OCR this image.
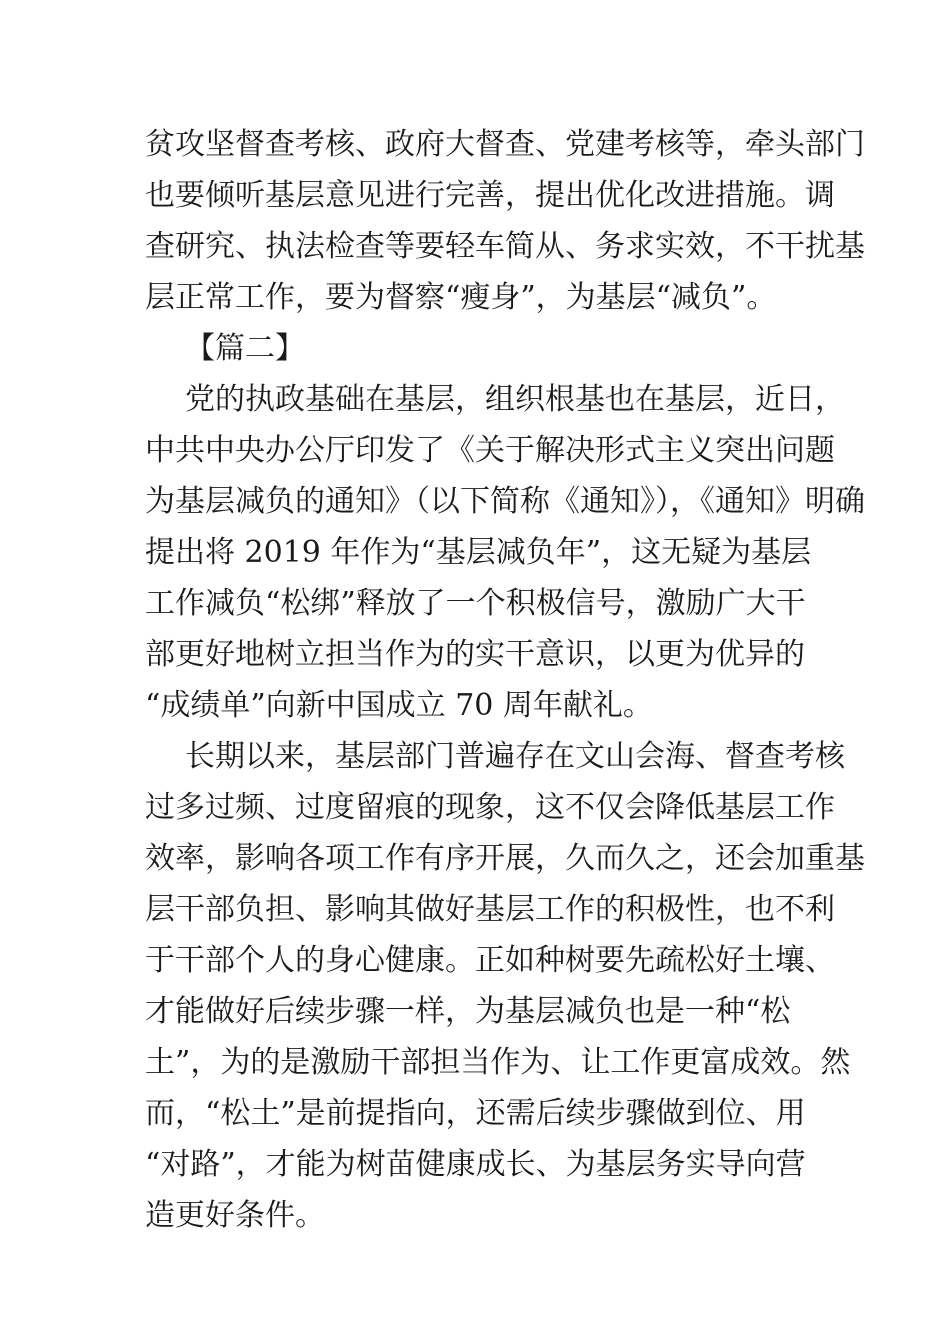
贫攻坚督查考核、政府大督查、党建考核等，牵头部门
也要倾听基层意见进行完善，提出优化改进措施。调
查研究、执法检查等要轻车简从、务求实效，不干扰基
层正常工作，要为督察“瘦身”，为基层“减负”。
【篇二】
党的执政基础在基层，组织根基也在基层，近日，
中共中央办公厅印发了《关于解决形式主义突出问题
为基层减负的通知》（以下简称《通知》），《通知》明确
提出将 2019 年作为“基层减负年”，这无疑为基层
工作减负“松绑”释放了一个积极信号，激励广大干
部更好地树立担当作为的实干意识，以更为优异的
“成绩单”向新中国成立 70 周年献礼。
长期以来，基层部门普遍存在文山会海、督查考核
过多过频、过度留痕的现象，这不仅会降低基层工作
效率，影响各项工作有序开展，久而久之，还会加重基
层干部负担、影响其做好基层工作的积极性，也不利
于干部个人的身心健康。正如种树要先疏松好土壤、
才能做好后续步骤一样，为基层减负也是一种“松
土”，为的是激励干部担当作为、让工作更富成效。然
而，“松土”是前提指向，还需后续步骤做到位、用
“对路”，才能为树苗健康成长、为基层务实导向营
造更好条件。
